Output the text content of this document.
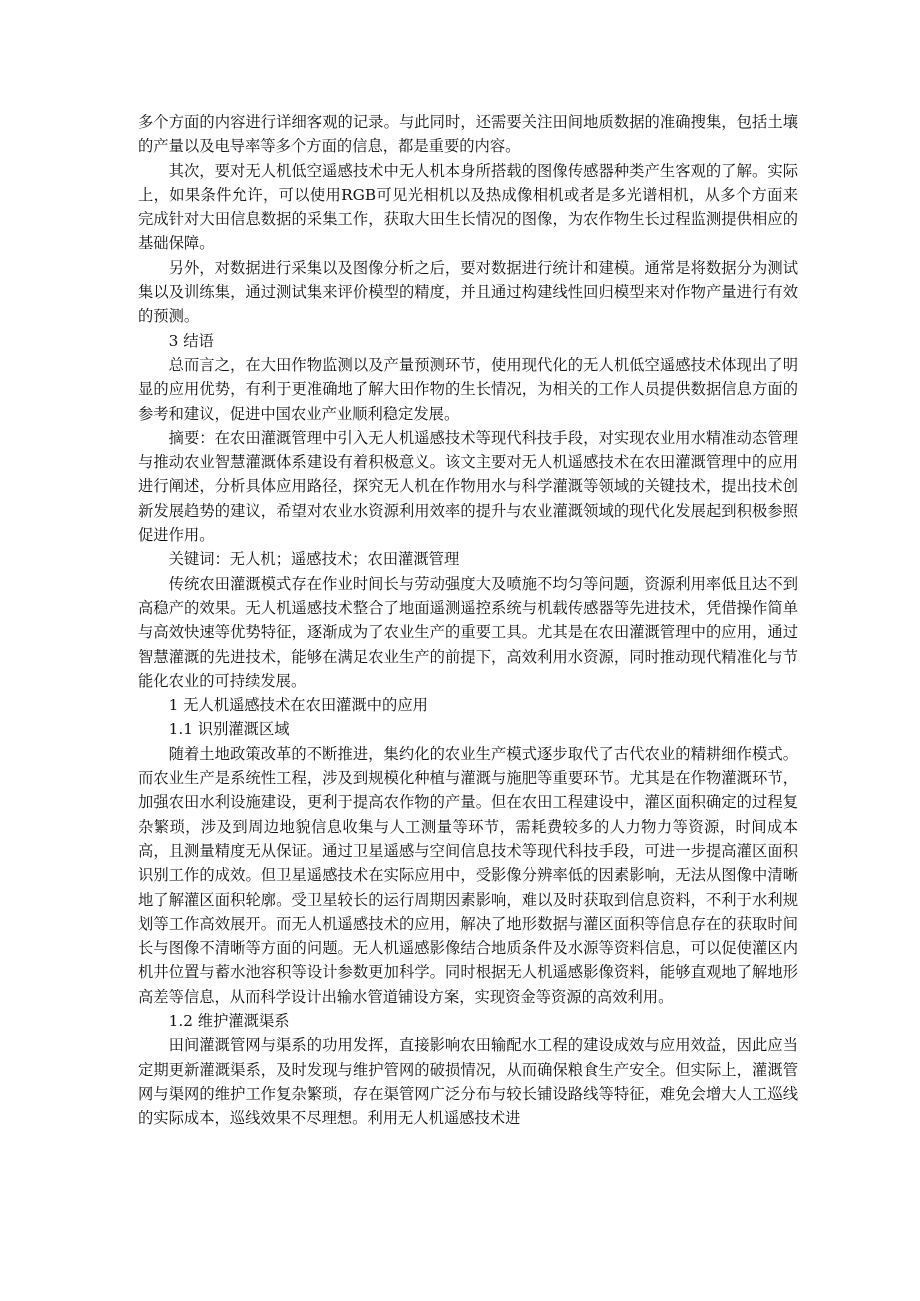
多个方面的内容进行详细客观的记录。与此同时，还需要关注田间地质数据的准确搜集，包括土壤的产量以及电导率等多个方面的信息，都是重要的内容。

其次，要对无人机低空遥感技术中无人机本身所搭载的图像传感器种类产生客观的了解。实际上，如果条件允许，可以使用RGB可见光相机以及热成像相机或者是多光谱相机，从多个方面来完成针对大田信息数据的采集工作，获取大田生长情况的图像，为农作物生长过程监测提供相应的基础保障。

另外，对数据进行采集以及图像分析之后，要对数据进行统计和建模。通常是将数据分为测试集以及训练集，通过测试集来评价模型的精度，并且通过构建线性回归模型来对作物产量进行有效的预测。

3 结语

总而言之，在大田作物监测以及产量预测环节，使用现代化的无人机低空遥感技术体现出了明显的应用优势，有利于更准确地了解大田作物的生长情况，为相关的工作人员提供数据信息方面的参考和建议，促进中国农业产业顺利稳定发展。

摘要：在农田灌溉管理中引入无人机遥感技术等现代科技手段，对实现农业用水精准动态管理与推动农业智慧灌溉体系建设有着积极意义。该文主要对无人机遥感技术在农田灌溉管理中的应用进行阐述，分析具体应用路径，探究无人机在作物用水与科学灌溉等领域的关键技术，提出技术创新发展趋势的建议，希望对农业水资源利用效率的提升与农业灌溉领域的现代化发展起到积极参照促进作用。

关键词：无人机；遥感技术；农田灌溉管理

传统农田灌溉模式存在作业时间长与劳动强度大及喷施不均匀等问题，资源利用率低且达不到高稳产的效果。无人机遥感技术整合了地面遥测遥控系统与机载传感器等先进技术，凭借操作简单与高效快速等优势特征，逐渐成为了农业生产的重要工具。尤其是在农田灌溉管理中的应用，通过智慧灌溉的先进技术，能够在满足农业生产的前提下，高效利用水资源，同时推动现代精准化与节能化农业的可持续发展。

1 无人机遥感技术在农田灌溉中的应用

1.1 识别灌溉区域

随着土地政策改革的不断推进，集约化的农业生产模式逐步取代了古代农业的精耕细作模式。而农业生产是系统性工程，涉及到规模化种植与灌溉与施肥等重要环节。尤其是在作物灌溉环节，加强农田水利设施建设，更利于提高农作物的产量。但在农田工程建设中，灌区面积确定的过程复杂繁琐，涉及到周边地貌信息收集与人工测量等环节，需耗费较多的人力物力等资源，时间成本高，且测量精度无从保证。通过卫星遥感与空间信息技术等现代科技手段，可进一步提高灌区面积识别工作的成效。但卫星遥感技术在实际应用中，受影像分辨率低的因素影响，无法从图像中清晰地了解灌区面积轮廓。受卫星较长的运行周期因素影响，难以及时获取到信息资料，不利于水利规划等工作高效展开。而无人机遥感技术的应用，解决了地形数据与灌区面积等信息存在的获取时间长与图像不清晰等方面的问题。无人机遥感影像结合地质条件及水源等资料信息，可以促使灌区内机井位置与蓄水池容积等设计参数更加科学。同时根据无人机遥感影像资料，能够直观地了解地形高差等信息，从而科学设计出输水管道铺设方案，实现资金等资源的高效利用。

1.2 维护灌溉渠系

田间灌溉管网与渠系的功用发挥，直接影响农田输配水工程的建设成效与应用效益，因此应当定期更新灌溉渠系，及时发现与维护管网的破损情况，从而确保粮食生产安全。但实际上，灌溉管网与渠网的维护工作复杂繁琐，存在渠管网广泛分布与较长铺设路线等特征，难免会增大人工巡线的实际成本，巡线效果不尽理想。利用无人机遥感技术进
